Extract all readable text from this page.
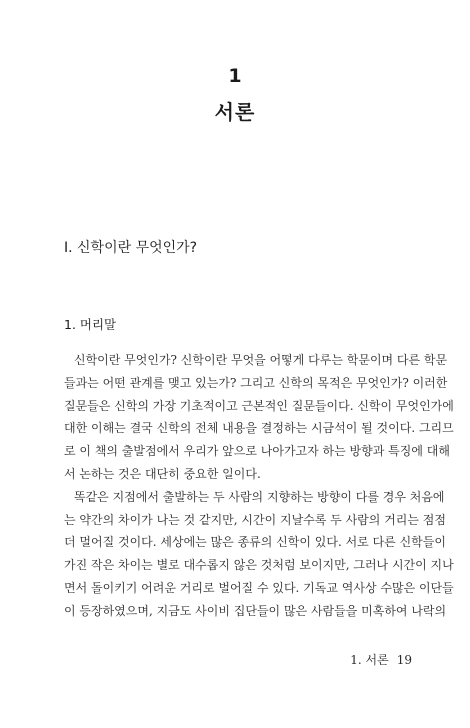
1
서론
I. 신학이란 무엇인가?
1. 머리말
신학이란 무엇인가? 신학이란 무엇을 어떻게 다루는 학문이며 다른 학문
들과는 어떤 관계를 맺고 있는가? 그리고 신학의 목적은 무엇인가? 이러한
질문들은 신학의 가장 기초적이고 근본적인 질문들이다. 신학이 무엇인가에
대한 이해는 결국 신학의 전체 내용을 결정하는 시금석이 될 것이다. 그리므
로 이 책의 출발점에서 우리가 앞으로 나아가고자 하는 방향과 특징에 대해
서 논하는 것은 대단히 중요한 일이다.
똑같은 지점에서 출발하는 두 사람의 지향하는 방향이 다를 경우 처음에
는 약간의 차이가 나는 것 같지만, 시간이 지날수록 두 사람의 거리는 점점
더 멀어질 것이다. 세상에는 많은 종류의 신학이 있다. 서로 다른 신학들이
가진 작은 차이는 별로 대수롭지 않은 것처럼 보이지만, 그러나 시간이 지나
면서 돌이키기 어려운 거리로 벌어질 수 있다. 기독교 역사상 수많은 이단들
이 등장하였으며, 지금도 사이비 집단들이 많은 사람들을 미혹하여 나락의
1. 서론 19
